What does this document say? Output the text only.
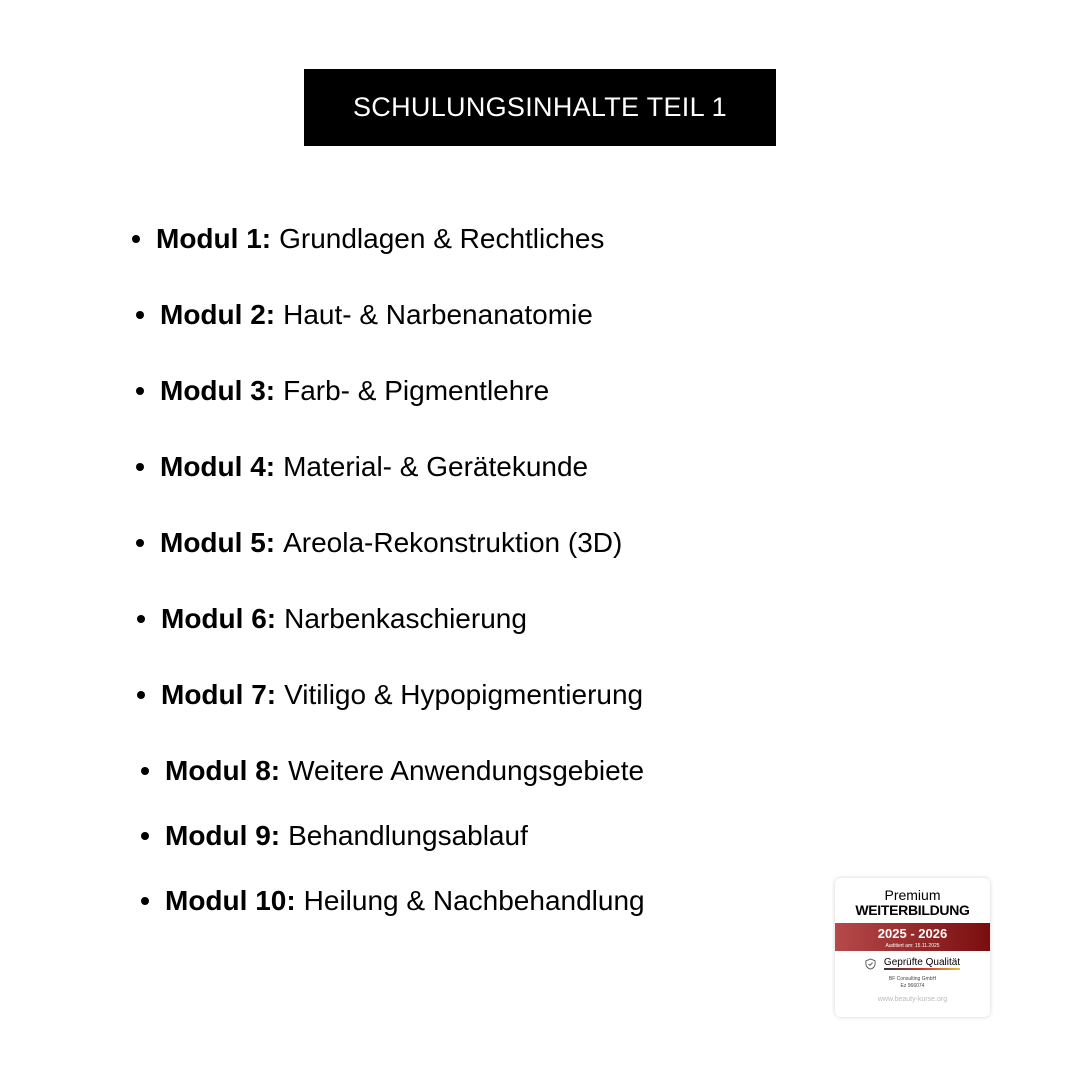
SCHULUNGSINHALTE TEIL 1
Modul 1: Grundlagen & Rechtliches
Modul 2: Haut- & Narbenanatomie
Modul 3: Farb- & Pigmentlehre
Modul 4: Material- & Gerätekunde
Modul 5: Areola-Rekonstruktion (3D)
Modul 6: Narbenkaschierung
Modul 7: Vitiligo & Hypopigmentierung
Modul 8: Weitere Anwendungsgebiete
Modul 9: Behandlungsablauf
Modul 10: Heilung & Nachbehandlung	Premium
WEITERBILDUNG
2025 - 2026
Auditiert am: 15.11.2025
Geprüfte Qualität
BF Consulting GmbH
Ez 966074
www.beauty-kurse.org
